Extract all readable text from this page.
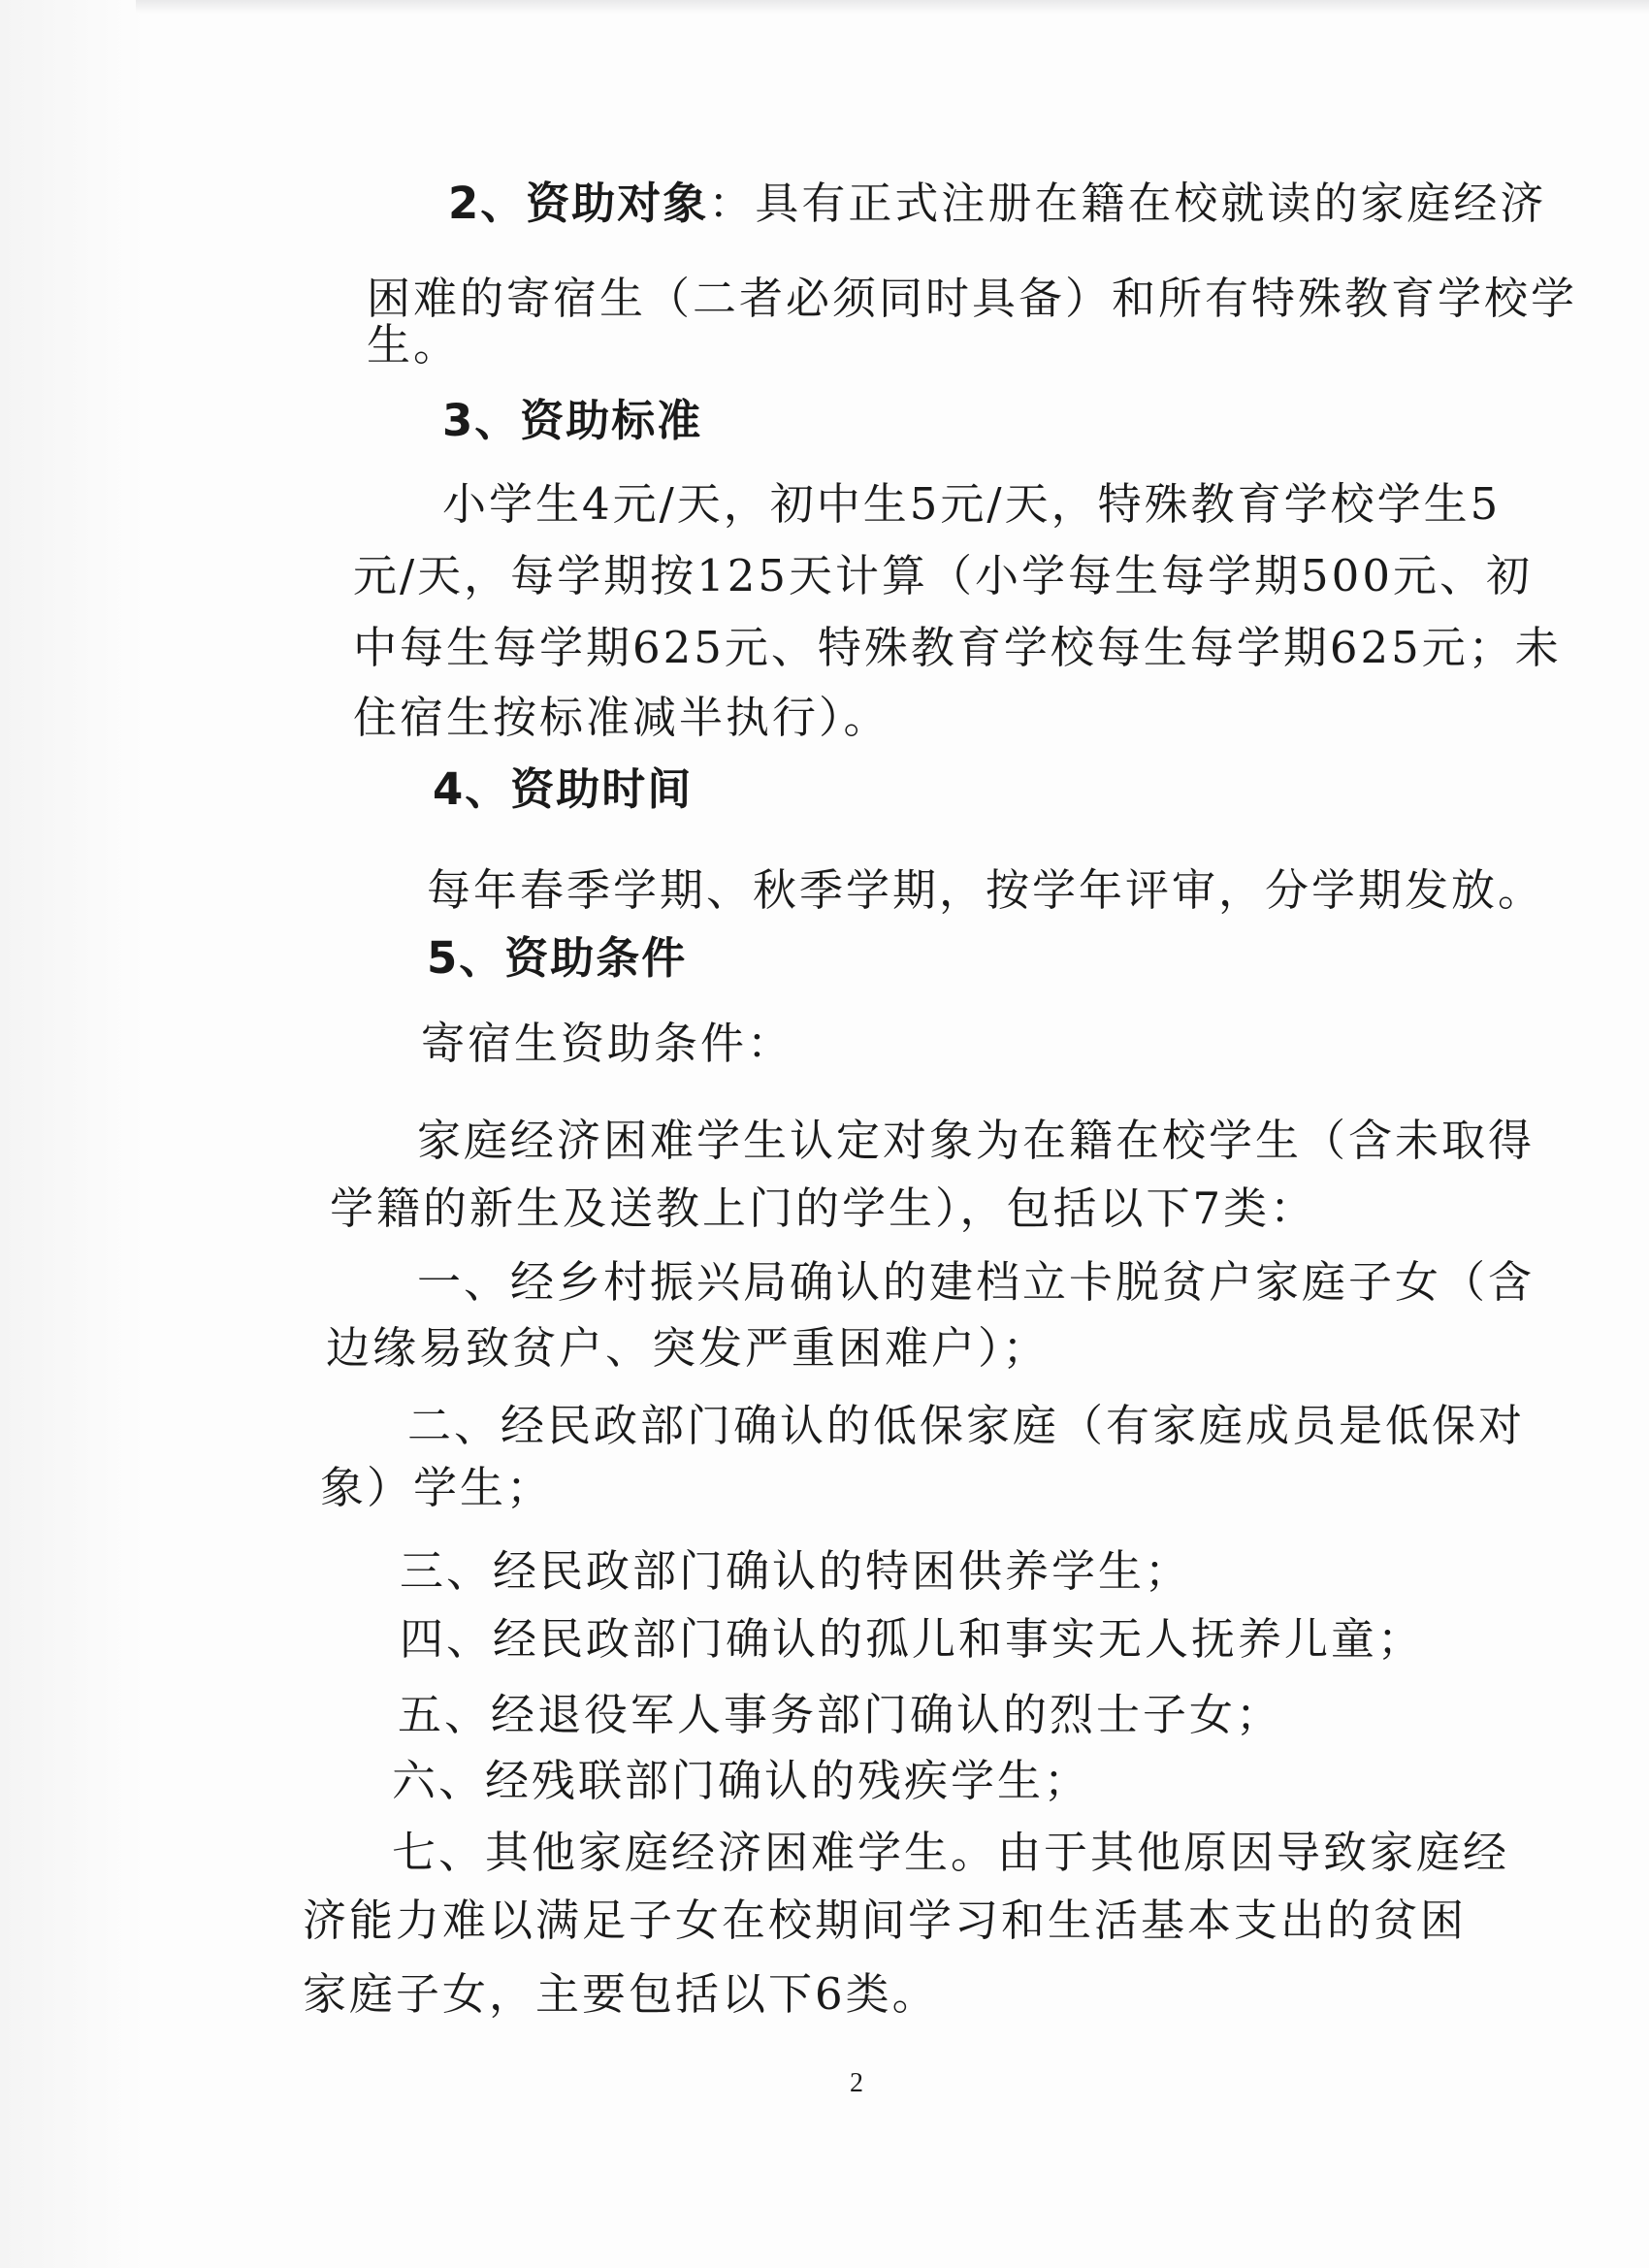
2、资助对象：具有正式注册在籍在校就读的家庭经济
困难的寄宿生（二者必须同时具备）和所有特殊教育学校学
生。
3、资助标准
小学生4元/天，初中生5元/天，特殊教育学校学生5
元/天，每学期按125天计算（小学每生每学期500元、初
中每生每学期625元、特殊教育学校每生每学期625元；未
住宿生按标准减半执行）。
4、资助时间
每年春季学期、秋季学期，按学年评审，分学期发放。
5、资助条件
寄宿生资助条件：
家庭经济困难学生认定对象为在籍在校学生（含未取得
学籍的新生及送教上门的学生），包括以下7类：
一、经乡村振兴局确认的建档立卡脱贫户家庭子女（含
边缘易致贫户、突发严重困难户）；
二、经民政部门确认的低保家庭（有家庭成员是低保对
象）学生；
三、经民政部门确认的特困供养学生；
四、经民政部门确认的孤儿和事实无人抚养儿童；
五、经退役军人事务部门确认的烈士子女；
六、经残联部门确认的残疾学生；
七、其他家庭经济困难学生。由于其他原因导致家庭经
济能力难以满足子女在校期间学习和生活基本支出的贫困
家庭子女，主要包括以下6类。
2
